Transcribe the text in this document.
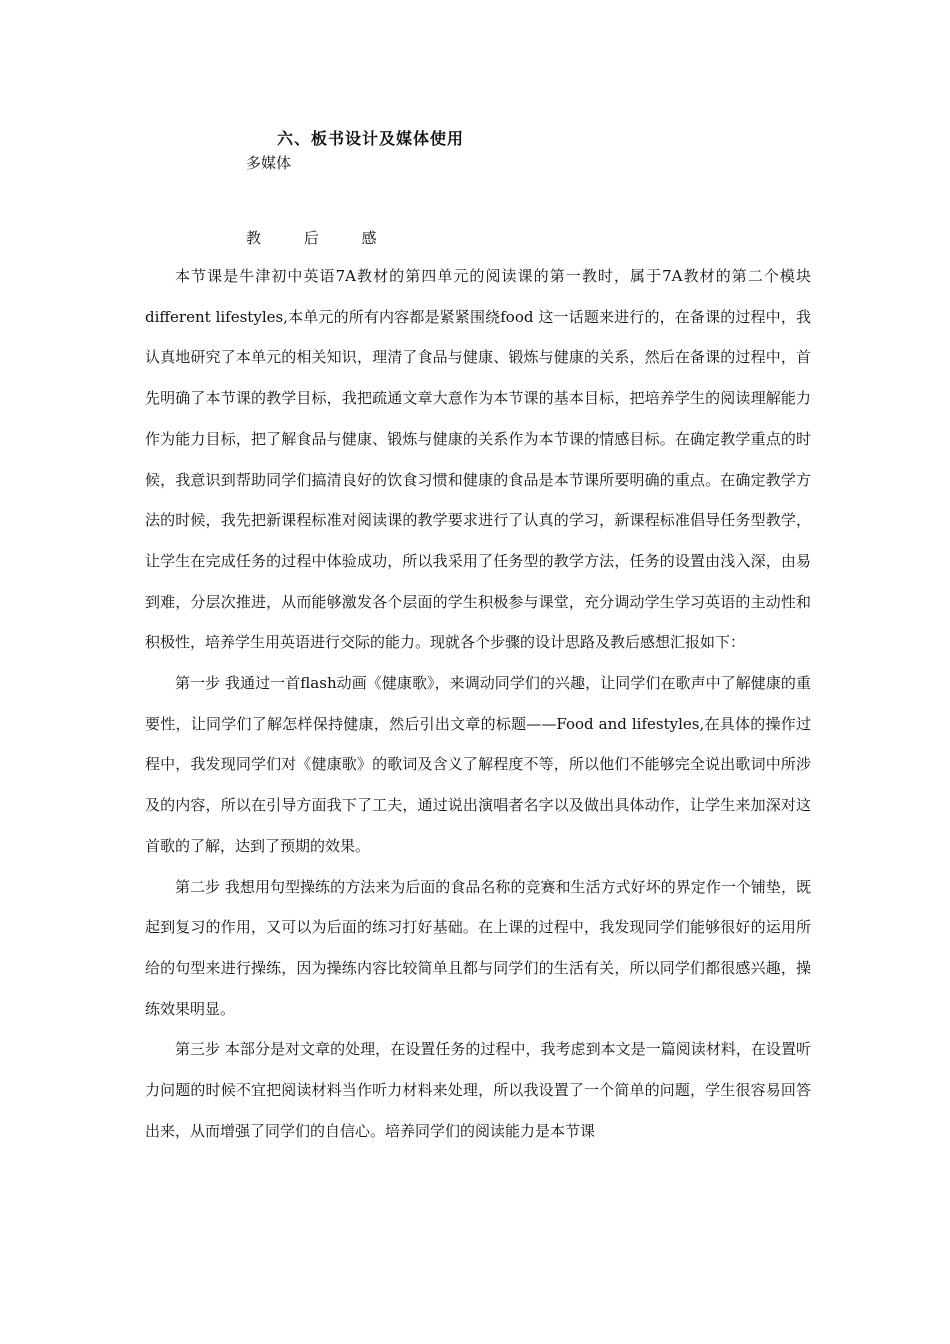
六、板书设计及媒体使用
多媒体
教 后 感

本节课是牛津初中英语7A教材的第四单元的阅读课的第一教时，属于7A教材的第二个模块different lifestyles,本单元的所有内容都是紧紧围绕food 这一话题来进行的，在备课的过程中，我认真地研究了本单元的相关知识，理清了食品与健康、锻炼与健康的关系，然后在备课的过程中，首先明确了本节课的教学目标，我把疏通文章大意作为本节课的基本目标，把培养学生的阅读理解能力作为能力目标，把了解食品与健康、锻炼与健康的关系作为本节课的情感目标。在确定教学重点的时候，我意识到帮助同学们搞清良好的饮食习惯和健康的食品是本节课所要明确的重点。在确定教学方法的时候，我先把新课程标准对阅读课的教学要求进行了认真的学习，新课程标准倡导任务型教学，让学生在完成任务的过程中体验成功，所以我采用了任务型的教学方法，任务的设置由浅入深，由易到难，分层次推进，从而能够激发各个层面的学生积极参与课堂，充分调动学生学习英语的主动性和积极性，培养学生用英语进行交际的能力。现就各个步骤的设计思路及教后感想汇报如下：

第一步 我通过一首flash动画《健康歌》，来调动同学们的兴趣，让同学们在歌声中了解健康的重要性，让同学们了解怎样保持健康，然后引出文章的标题——Food and lifestyles,在具体的操作过程中，我发现同学们对《健康歌》的歌词及含义了解程度不等，所以他们不能够完全说出歌词中所涉及的内容，所以在引导方面我下了工夫，通过说出演唱者名字以及做出具体动作，让学生来加深对这首歌的了解，达到了预期的效果。

第二步 我想用句型操练的方法来为后面的食品名称的竞赛和生活方式好坏的界定作一个铺垫，既起到复习的作用，又可以为后面的练习打好基础。在上课的过程中，我发现同学们能够很好的运用所给的句型来进行操练，因为操练内容比较简单且都与同学们的生活有关，所以同学们都很感兴趣，操练效果明显。

第三步 本部分是对文章的处理，在设置任务的过程中，我考虑到本文是一篇阅读材料，在设置听力问题的时候不宜把阅读材料当作听力材料来处理，所以我设置了一个简单的问题，学生很容易回答出来，从而增强了同学们的自信心。培养同学们的阅读能力是本节课
